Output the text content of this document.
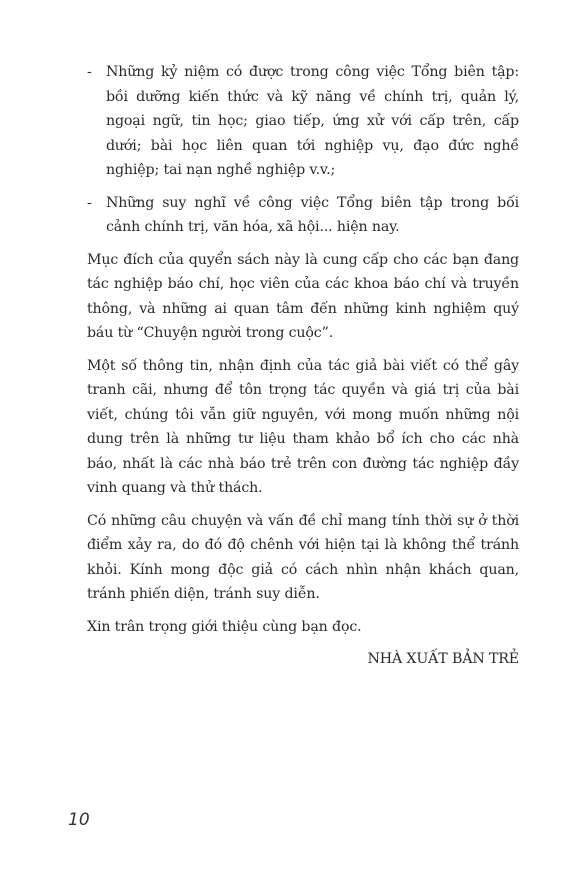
- Những kỷ niệm có được trong công việc Tổng biên tập: bồi dưỡng kiến thức và kỹ năng về chính trị, quản lý, ngoại ngữ, tin học; giao tiếp, ứng xử với cấp trên, cấp dưới; bài học liên quan tới nghiệp vụ, đạo đức nghề nghiệp; tai nạn nghề nghiệp v.v.;
- Những suy nghĩ về công việc Tổng biên tập trong bối cảnh chính trị, văn hóa, xã hội... hiện nay.

Mục đích của quyển sách này là cung cấp cho các bạn đang tác nghiệp báo chí, học viên của các khoa báo chí và truyền thông, và những ai quan tâm đến những kinh nghiệm quý báu từ “Chuyện người trong cuộc”.

Một số thông tin, nhận định của tác giả bài viết có thể gây tranh cãi, nhưng để tôn trọng tác quyền và giá trị của bài viết, chúng tôi vẫn giữ nguyên, với mong muốn những nội dung trên là những tư liệu tham khảo bổ ích cho các nhà báo, nhất là các nhà báo trẻ trên con đường tác nghiệp đầy vinh quang và thử thách.

Có những câu chuyện và vấn đề chỉ mang tính thời sự ở thời điểm xảy ra, do đó độ chênh với hiện tại là không thể tránh khỏi. Kính mong độc giả có cách nhìn nhận khách quan, tránh phiến diện, tránh suy diễn.

Xin trân trọng giới thiệu cùng bạn đọc.

NHÀ XUẤT BẢN TRẺ
10
